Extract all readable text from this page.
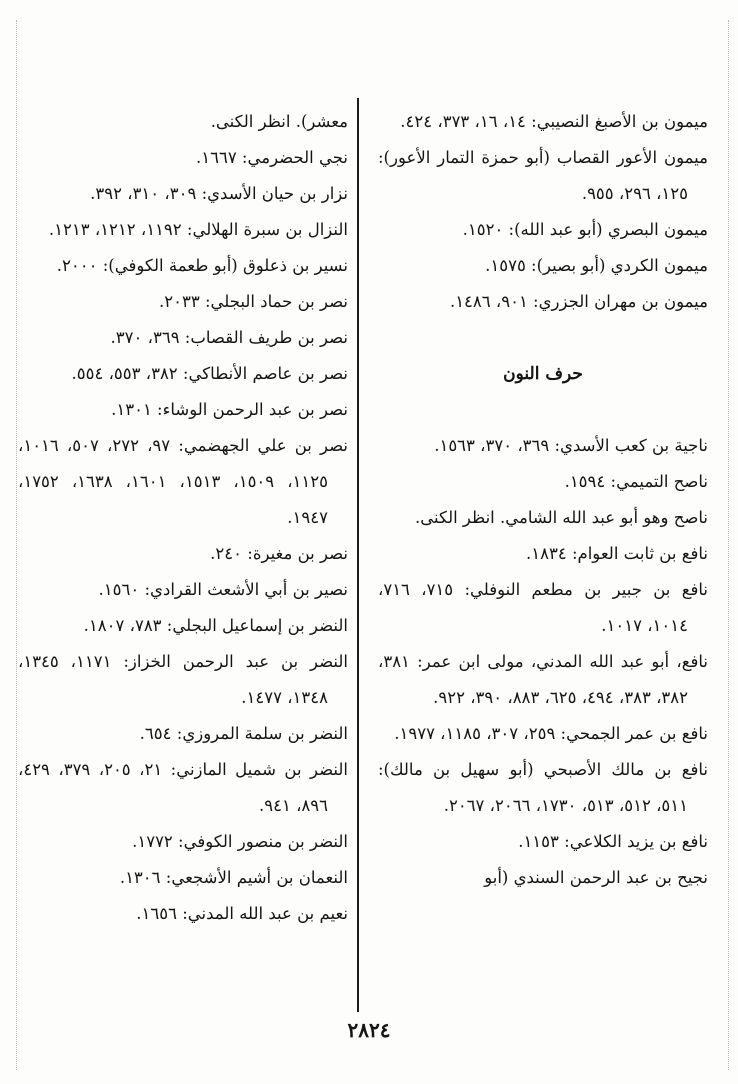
ميمون بن الأصبغ النصيبي: ١٤، ١٦، ٣٧٣، ٤٢٤.
ميمون الأعور القصاب (أبو حمزة التمار الأعور): ١٢٥، ٢٩٦، ٩٥٥.
ميمون البصري (أبو عبد الله): ١٥٢٠.
ميمون الكردي (أبو بصير): ١٥٧٥.
ميمون بن مهران الجزري: ٩٠١، ١٤٨٦.
حرف النون
ناجية بن كعب الأسدي: ٣٦٩، ٣٧٠، ١٥٦٣.
ناصح التميمي: ١٥٩٤.
ناصح وهو أبو عبد الله الشامي. انظر الكنى.
نافع بن ثابت العوام: ١٨٣٤.
نافع بن جبير بن مطعم النوفلي: ٧١٥، ٧١٦، ١٠١٤، ١٠١٧.
نافع، أبو عبد الله المدني، مولى ابن عمر: ٣٨١، ٣٨٢، ٣٨٣، ٤٩٤، ٦٢٥، ٨٨٣، ٣٩٠، ٩٢٢.
نافع بن عمر الجمحي: ٢٥٩، ٣٠٧، ١١٨٥، ١٩٧٧.
نافع بن مالك الأصبحي (أبو سهيل بن مالك): ٥١١، ٥١٢، ٥١٣، ١٧٣٠، ٢٠٦٦، ٢٠٦٧.
نافع بن يزيد الكلاعي: ١١٥٣.
نجيح بن عبد الرحمن السندي (أبو
معشر). انظر الكنى.
نجي الحضرمي: ١٦٦٧.
نزار بن حيان الأسدي: ٣٠٩، ٣١٠، ٣٩٢.
النزال بن سبرة الهلالي: ١١٩٢، ١٢١٢، ١٢١٣.
نسير بن ذعلوق (أبو طعمة الكوفي): ٢٠٠٠.
نصر بن حماد البجلي: ٢٠٣٣.
نصر بن طريف القصاب: ٣٦٩، ٣٧٠.
نصر بن عاصم الأنطاكي: ٣٨٢، ٥٥٣، ٥٥٤.
نصر بن عبد الرحمن الوشاء: ١٣٠١.
نصر بن علي الجهضمي: ٩٧، ٢٧٢، ٥٠٧، ١٠١٦، ١١٢٥، ١٥٠٩، ١٥١٣، ١٦٠١، ١٦٣٨، ١٧٥٢، ١٩٤٧.
نصر بن مغيرة: ٢٤٠.
نصير بن أبي الأشعث القرادي: ١٥٦٠.
النضر بن إسماعيل البجلي: ٧٨٣، ١٨٠٧.
النضر بن عبد الرحمن الخزاز: ١١٧١، ١٣٤٥، ١٣٤٨، ١٤٧٧.
النضر بن سلمة المروزي: ٦٥٤.
النضر بن شميل المازني: ٢١، ٢٠٥، ٣٧٩، ٤٢٩، ٨٩٦، ٩٤١.
النضر بن منصور الكوفي: ١٧٧٢.
النعمان بن أشيم الأشجعي: ١٣٠٦.
نعيم بن عبد الله المدني: ١٦٥٦.
٢٨٢٤
